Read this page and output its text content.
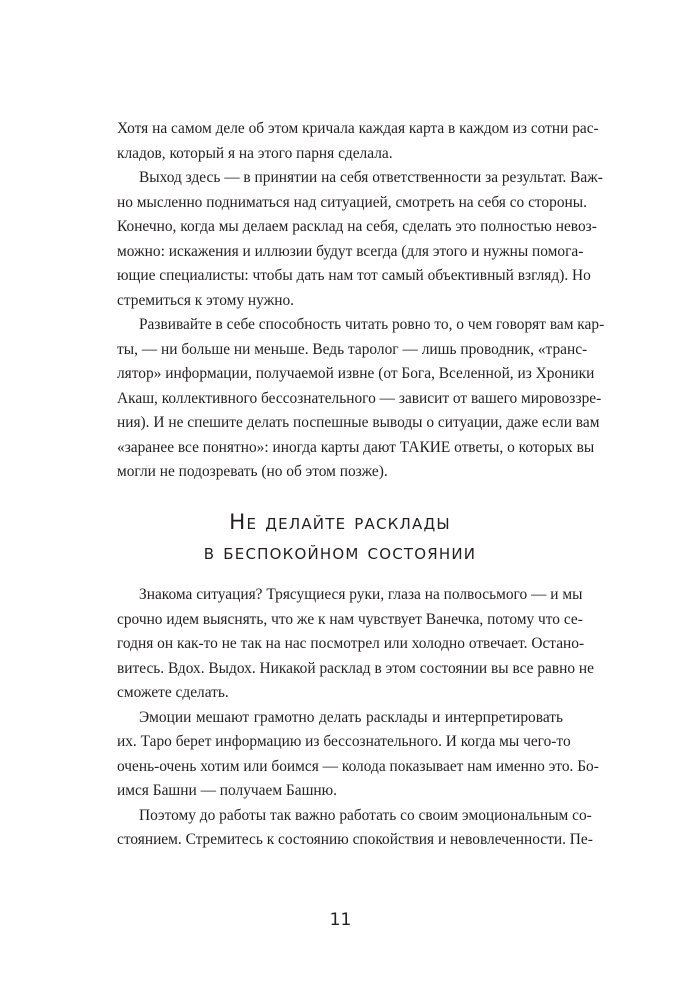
Хотя на самом деле об этом кричала каждая карта в каждом из сотни рас-
кладов, который я на этого парня сделала.

Выход здесь — в принятии на себя ответственности за результат. Важ-
но мысленно подниматься над ситуацией, смотреть на себя со стороны.
Конечно, когда мы делаем расклад на себя, сделать это полностью невоз-
можно: искажения и иллюзии будут всегда (для этого и нужны помога-
ющие специалисты: чтобы дать нам тот самый объективный взгляд). Но
стремиться к этому нужно.

Развивайте в себе способность читать ровно то, о чем говорят вам кар-
ты, — ни больше ни меньше. Ведь таролог — лишь проводник, «транс-
лятор» информации, получаемой извне (от Бога, Вселенной, из Хроники
Акаш, коллективного бессознательного — зависит от вашего мировоззре-
ния). И не спешите делать поспешные выводы о ситуации, даже если вам
«заранее все понятно»: иногда карты дают ТАКИЕ ответы, о которых вы
могли не подозревать (но об этом позже).

Не делайте расклады
в беспокойном состоянии

Знакома ситуация? Трясущиеся руки, глаза на полвосьмого — и мы
срочно идем выяснять, что же к нам чувствует Ванечка, потому что се-
годня он как-то не так на нас посмотрел или холодно отвечает. Остано-
витесь. Вдох. Выдох. Никакой расклад в этом состоянии вы все равно не
сможете сделать.

Эмоции мешают грамотно делать расклады и интерпретировать
их. Таро берет информацию из бессознательного. И когда мы чего-то
очень-очень хотим или боимся — колода показывает нам именно это. Бо-
имся Башни — получаем Башню.

Поэтому до работы так важно работать со своим эмоциональным со-
стоянием. Стремитесь к состоянию спокойствия и невовлеченности. Пе-

11
